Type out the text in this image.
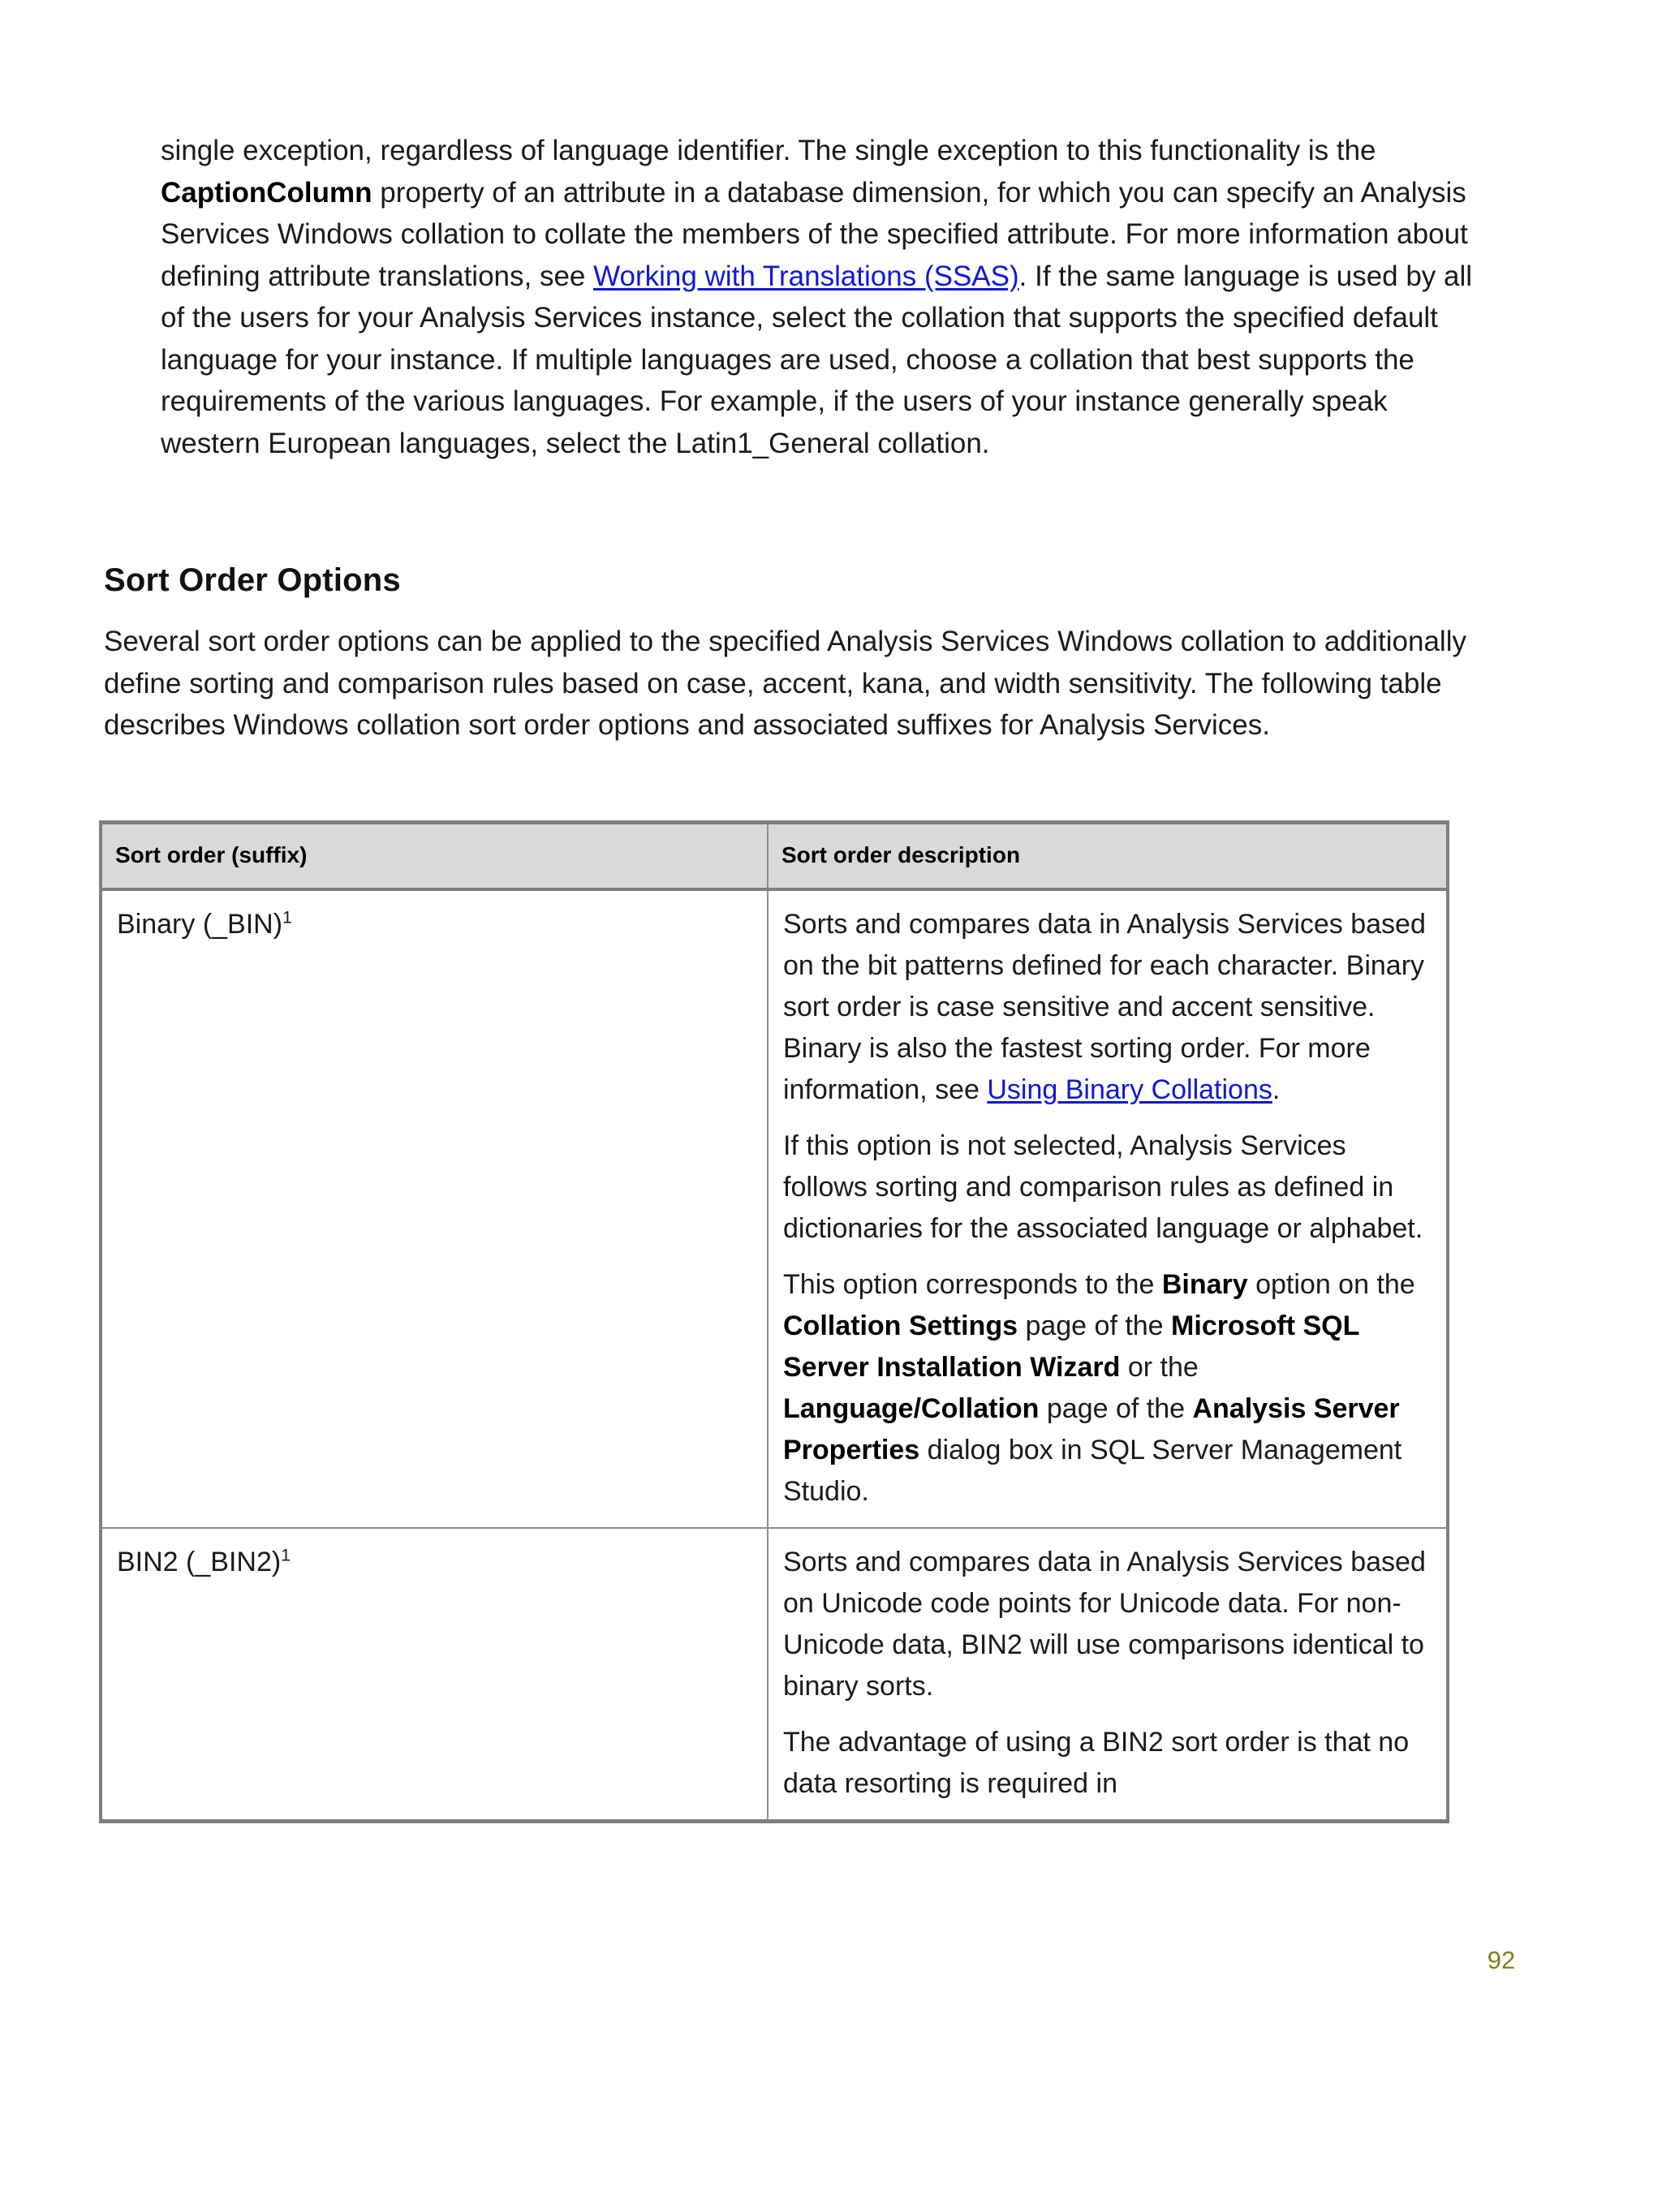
single exception, regardless of language identifier. The single exception to this functionality is the CaptionColumn property of an attribute in a database dimension, for which you can specify an Analysis Services Windows collation to collate the members of the specified attribute. For more information about defining attribute translations, see Working with Translations (SSAS). If the same language is used by all of the users for your Analysis Services instance, select the collation that supports the specified default language for your instance. If multiple languages are used, choose a collation that best supports the requirements of the various languages. For example, if the users of your instance generally speak western European languages, select the Latin1_General collation.

Sort Order Options

Several sort order options can be applied to the specified Analysis Services Windows collation to additionally define sorting and comparison rules based on case, accent, kana, and width sensitivity. The following table describes Windows collation sort order options and associated suffixes for Analysis Services.

Sort order (suffix)	Sort order description

Binary (_BIN)$^1$	Sorts and compares data in Analysis Services based on the bit patterns defined for each character. Binary sort order is case sensitive and accent sensitive. Binary is also the fastest sorting order. For more information, see Using Binary Collations.

If this option is not selected, Analysis Services follows sorting and comparison rules as defined in dictionaries for the associated language or alphabet.

This option corresponds to the Binary option on the Collation Settings page of the Microsoft SQL Server Installation Wizard or the Language/Collation page of the Analysis Server Properties dialog box in SQL Server Management Studio.

BIN2 (_BIN2)$^1$	Sorts and compares data in Analysis Services based on Unicode code points for Unicode data. For non-Unicode data, BIN2 will use comparisons identical to binary sorts.

The advantage of using a BIN2 sort order is that no data resorting is required in

92
